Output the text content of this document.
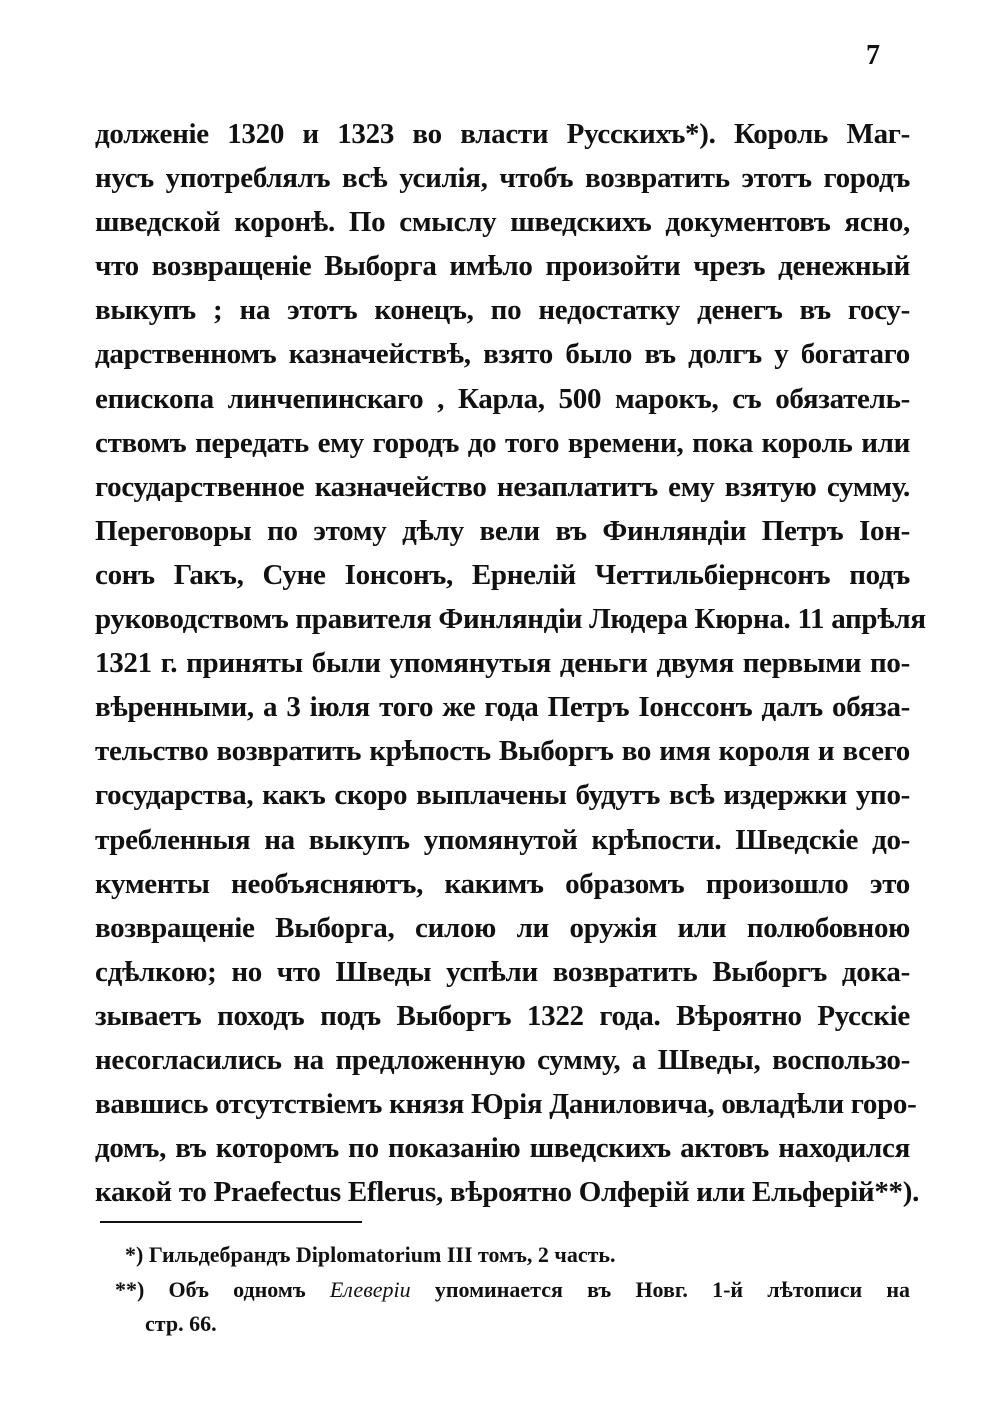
7
долженіе 1320 и 1323 во власти Русскихъ*). Король Маг-
нусъ употреблялъ всѣ усилія, чтобъ возвратить этотъ городъ
шведской коронѣ. По смыслу шведскихъ документовъ ясно,
что возвращеніе Выборга имѣло произойти чрезъ денежный
выкупъ ; на этотъ конецъ, по недостатку денегъ въ госу-
дарственномъ казначействѣ, взято было въ долгъ у богатаго
епископа линчепинскаго , Карла, 500 марокъ, съ обязатель-
ствомъ передать ему городъ до того времени, пока король или
государственное казначейство незаплатитъ ему взятую сумму.
Переговоры по этому дѣлу вели въ Финляндіи Петръ Іон-
сонъ Гакъ, Суне Іонсонъ, Ернелій Четтильбіернсонъ подъ
руководствомъ правителя Финляндіи Людера Кюрна. 11 апрѣля
1321 г. приняты были упомянутыя деньги двумя первыми по-
вѣренными, а 3 іюля того же года Петръ Іонссонъ далъ обяза-
тельство возвратить крѣпость Выборгъ во имя короля и всего
государства, какъ скоро выплачены будутъ всѣ издержки упо-
требленныя на выкупъ упомянутой крѣпости. Шведскіе до-
кументы необъясняютъ, какимъ образомъ произошло это
возвращеніе Выборга, силою ли оружія или полюбовною
сдѣлкою; но что Шведы успѣли возвратить Выборгъ дока-
зываетъ походъ подъ Выборгъ 1322 года. Вѣроятно Русскіе
несогласились на предложенную сумму, а Шведы, воспользо-
вавшись отсутствіемъ князя Юрія Даниловича, овладѣли горо-
домъ, въ которомъ по показанію шведскихъ актовъ находился
какой то Praefectus Eflerus, вѣроятно Олферій или Ельферій**).
*) Гильдебрандъ Diplomatorium III томъ, 2 часть.
**) Объ одномъ Елеверіи упоминается въ Новг. 1-й лѣтописи на
стр. 66.
